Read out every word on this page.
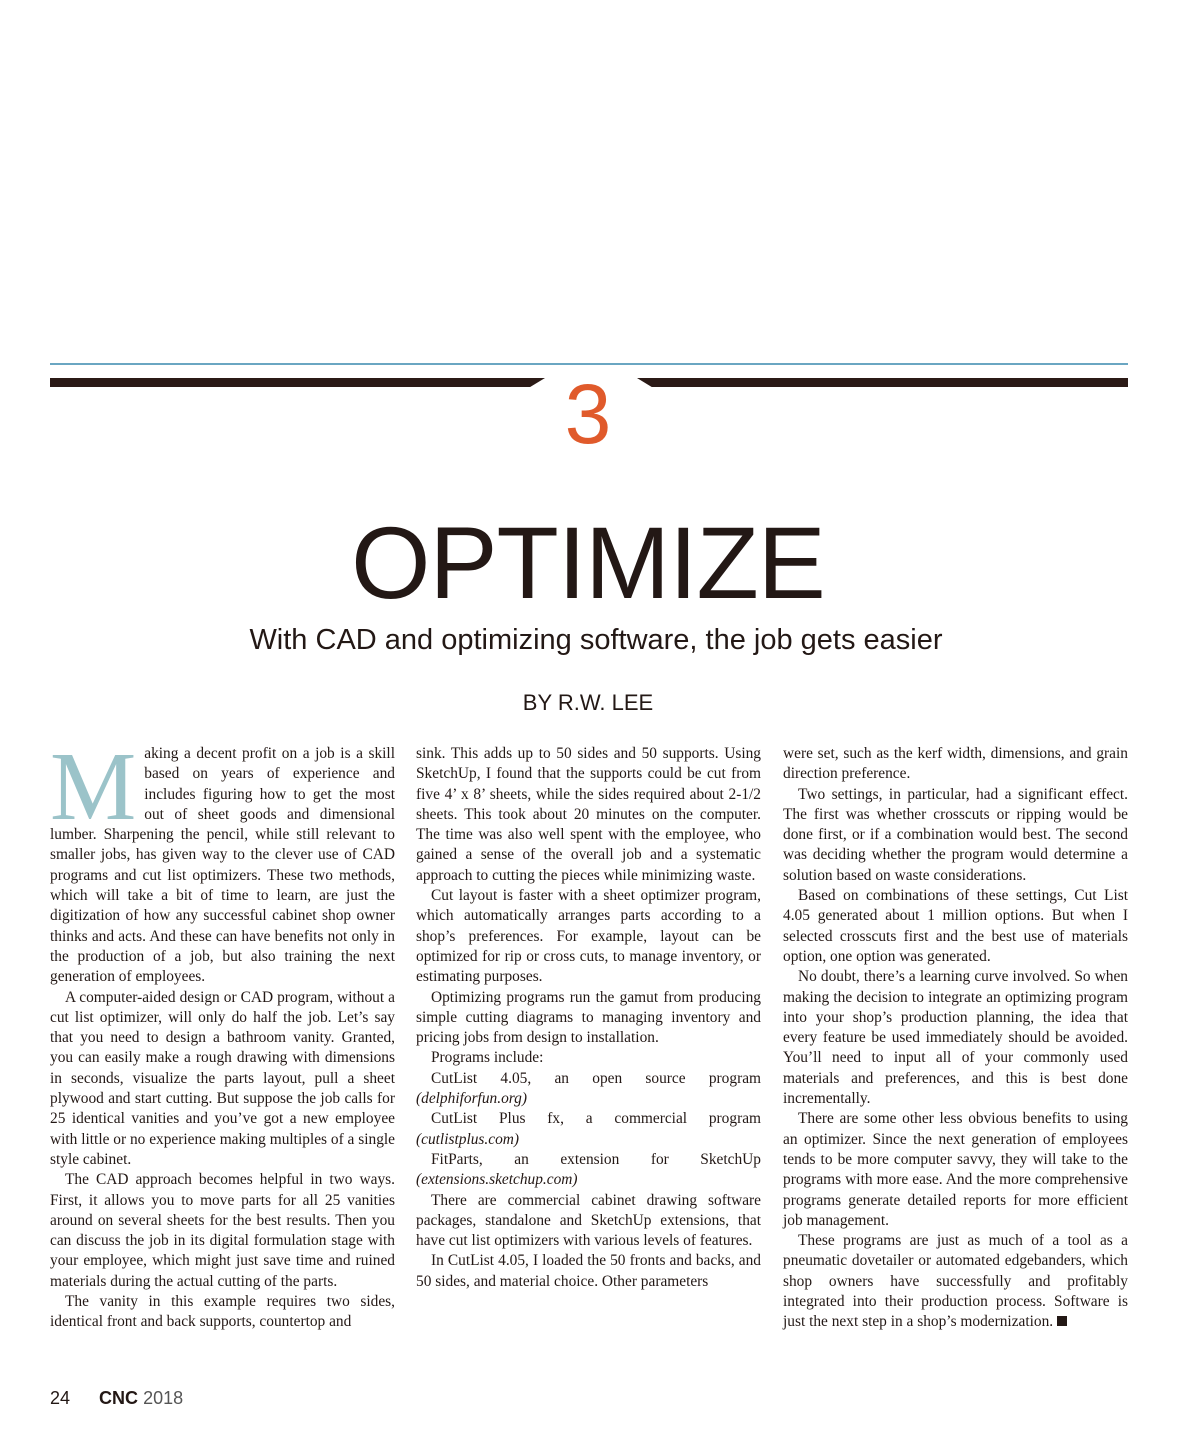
3
OPTIMIZE
With CAD and optimizing software, the job gets easier
BY R.W. LEE

Making a decent profit on a job is a skill based on years of experience and includes figuring how to get the most out of sheet goods and dimensional lumber. Sharpening the pencil, while still relevant to smaller jobs, has given way to the clever use of CAD programs and cut list optimizers. These two methods, which will take a bit of time to learn, are just the digitization of how any successful cabinet shop owner thinks and acts. And these can have benefits not only in the production of a job, but also training the next generation of employees.

A computer-aided design or CAD program, without a cut list optimizer, will only do half the job. Let’s say that you need to design a bathroom vanity. Granted, you can easily make a rough drawing with dimensions in seconds, visualize the parts layout, pull a sheet plywood and start cutting. But suppose the job calls for 25 identical vanities and you’ve got a new employee with little or no experience making multiples of a single style cabinet.

The CAD approach becomes helpful in two ways. First, it allows you to move parts for all 25 vanities around on several sheets for the best results. Then you can discuss the job in its digital formulation stage with your employee, which might just save time and ruined materials during the actual cutting of the parts.

The vanity in this example requires two sides, identical front and back supports, countertop and

sink. This adds up to 50 sides and 50 supports. Using SketchUp, I found that the supports could be cut from five 4’ x 8’ sheets, while the sides required about 2-1/2 sheets. This took about 20 minutes on the computer. The time was also well spent with the employee, who gained a sense of the overall job and a systematic approach to cutting the pieces while minimizing waste.

Cut layout is faster with a sheet optimizer program, which automatically arranges parts according to a shop’s preferences. For example, layout can be optimized for rip or cross cuts, to manage inventory, or estimating purposes.

Optimizing programs run the gamut from producing simple cutting diagrams to managing inventory and pricing jobs from design to installation.

Programs include:

CutList 4.05, an open source program (delphiforfun.org)

CutList Plus fx, a commercial program (cutlistplus.com)

FitParts, an extension for SketchUp (extensions.sketchup.com)

There are commercial cabinet drawing software packages, standalone and SketchUp extensions, that have cut list optimizers with various levels of features.

In CutList 4.05, I loaded the 50 fronts and backs, and 50 sides, and material choice. Other parameters

were set, such as the kerf width, dimensions, and grain direction preference.

Two settings, in particular, had a significant effect. The first was whether crosscuts or ripping would be done first, or if a combination would best. The second was deciding whether the program would determine a solution based on waste considerations.

Based on combinations of these settings, Cut List 4.05 generated about 1 million options. But when I selected crosscuts first and the best use of materials option, one option was generated.

No doubt, there’s a learning curve involved. So when making the decision to integrate an optimizing program into your shop’s production planning, the idea that every feature be used immediately should be avoided. You’ll need to input all of your commonly used materials and preferences, and this is best done incrementally.

There are some other less obvious benefits to using an optimizer. Since the next generation of employees tends to be more computer savvy, they will take to the programs with more ease. And the more comprehensive programs generate detailed reports for more efficient job management.

These programs are just as much of a tool as a pneumatic dovetailer or automated edgebanders, which shop owners have successfully and profitably integrated into their production process. Software is just the next step in a shop’s modernization.

24 CNC 2018
